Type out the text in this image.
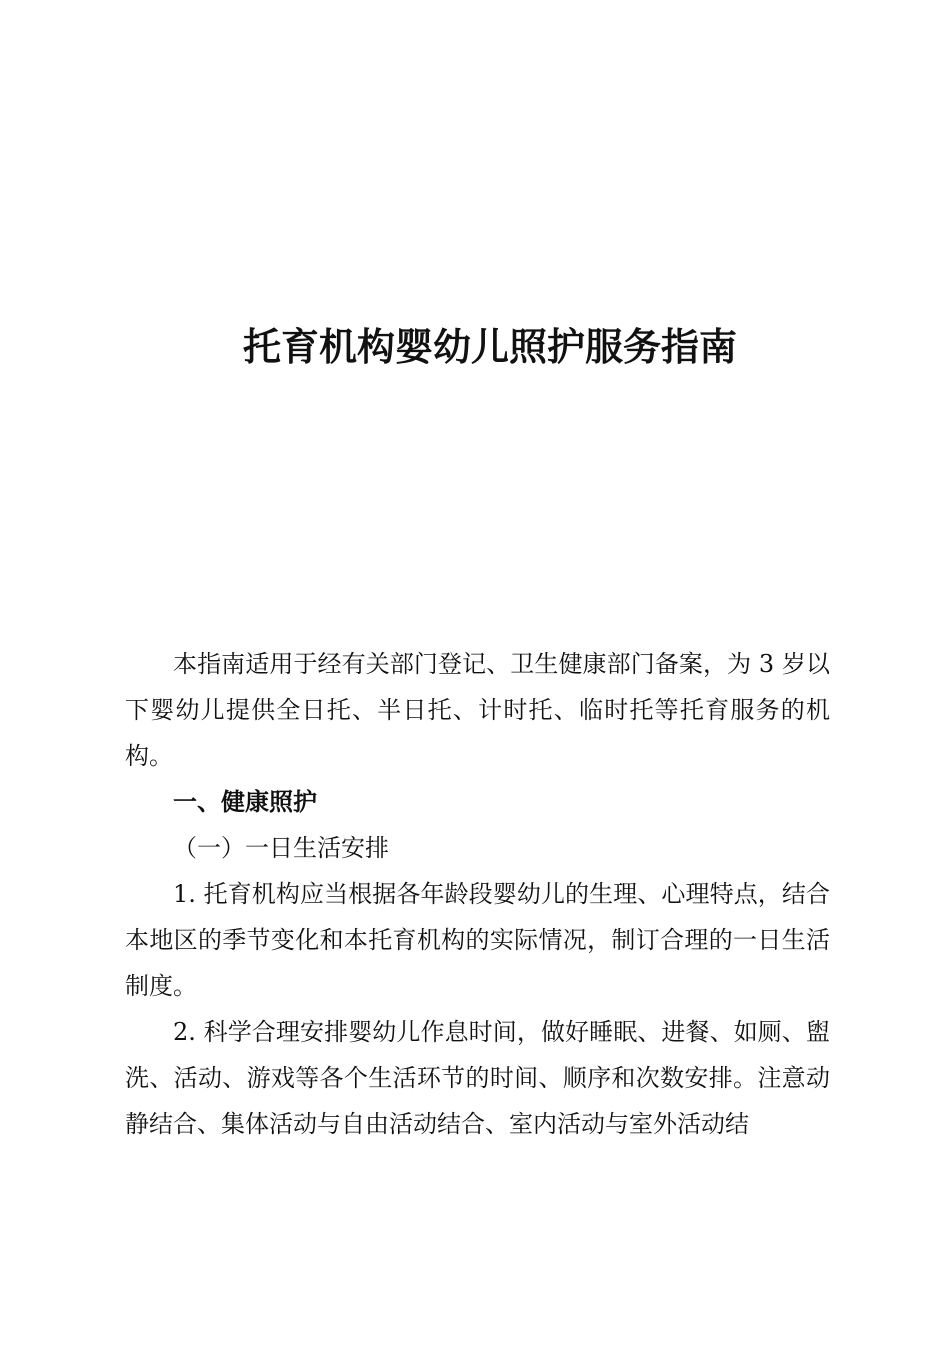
托育机构婴幼儿照护服务指南

本指南适用于经有关部门登记、卫生健康部门备案，为 3 岁以下婴幼儿提供全日托、半日托、计时托、临时托等托育服务的机构。

一、健康照护

（一）一日生活安排

1. 托育机构应当根据各年龄段婴幼儿的生理、心理特点，结合本地区的季节变化和本托育机构的实际情况，制订合理的一日生活制度。

2. 科学合理安排婴幼儿作息时间，做好睡眠、进餐、如厕、盥洗、活动、游戏等各个生活环节的时间、顺序和次数安排。注意动静结合、集体活动与自由活动结合、室内活动与室外活动结
